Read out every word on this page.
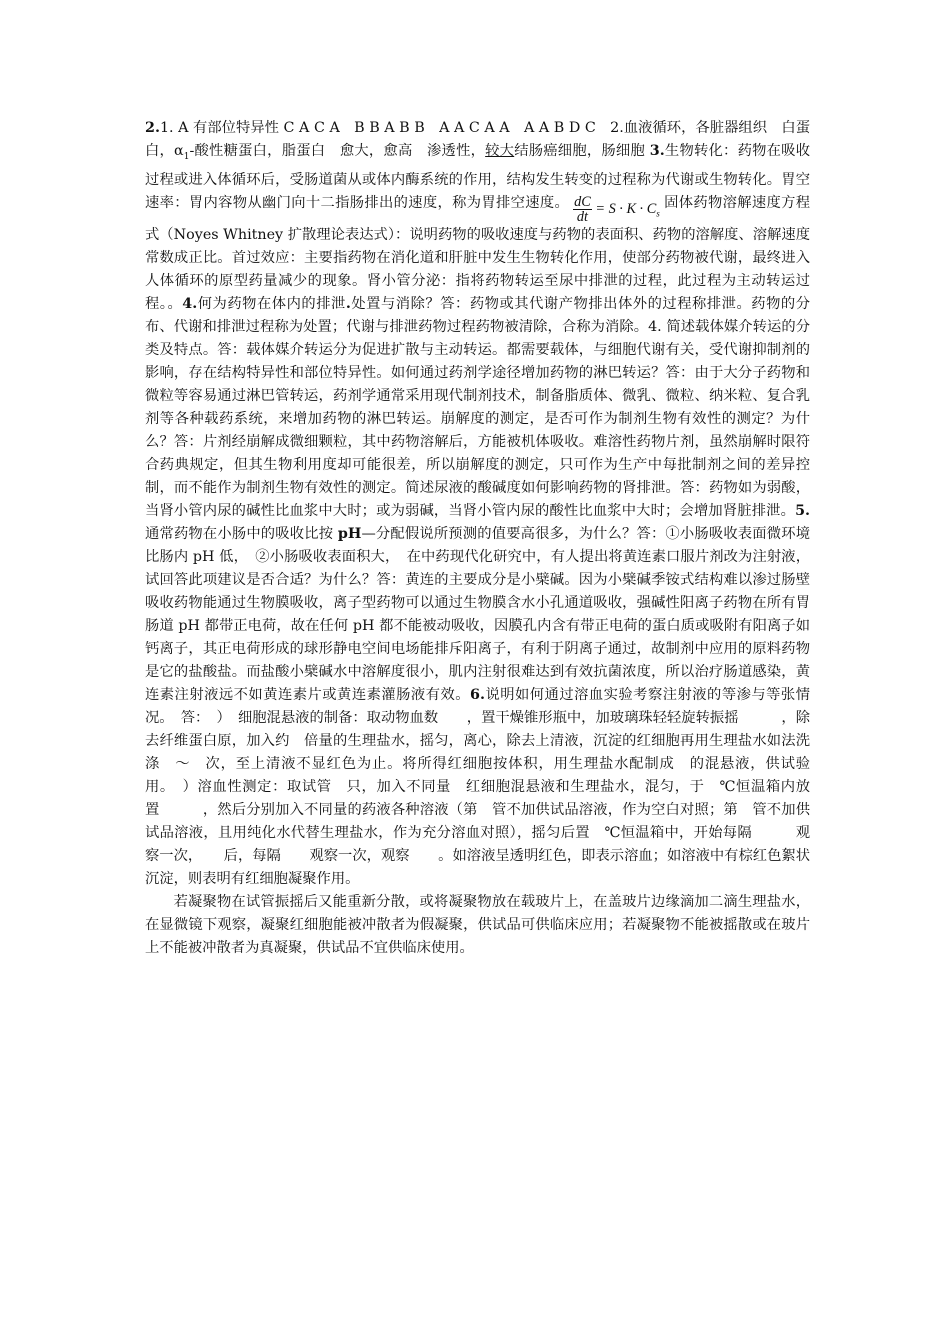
2.1. A 有部位特异性 C A C A　B B A B B　A A C A A　A A B D C　2.血液循环，各脏器组织　白蛋白，$\alpha_1-$酸性糖蛋白，脂蛋白　愈大，愈高　渗透性，较大结肠癌细胞，肠细胞 3.生物转化：药物在吸收过程或进入体循环后，受肠道菌从或体内酶系统的作用，结构发生转变的过程称为代谢或生物转化。胃空速率：胃内容物从幽门向十二指肠排出的速度，称为胃排空速度。 $\frac{dC}{dt} = S \cdot K \cdot C_s$固体药物溶解速度方程式（Noyes Whitney 扩散理论表达式）：说明药物的吸收速度与药物的表面积、药物的溶解度、溶解速度常数成正比。首过效应：主要指药物在消化道和肝脏中发生生物转化作用，使部分药物被代谢，最终进入人体循环的原型药量减少的现象。肾小管分泌：指将药物转运至尿中排泄的过程，此过程为主动转运过程。。4.何为药物在体内的排泄.处置与消除？答：药物或其代谢产物排出体外的过程称排泄。药物的分布、代谢和排泄过程称为处置；代谢与排泄药物过程药物被清除，合称为消除。4. 简述载体媒介转运的分类及特点。答：载体媒介转运分为促进扩散与主动转运。都需要载体，与细胞代谢有关，受代谢抑制剂的影响，存在结构特异性和部位特异性。如何通过药剂学途径增加药物的淋巴转运？答：由于大分子药物和微粒等容易通过淋巴管转运，药剂学通常采用现代制剂技术，制备脂质体、微乳、微粒、纳米粒、复合乳剂等各种载药系统，来增加药物的淋巴转运。崩解度的测定，是否可作为制剂生物有效性的测定？为什么？答：片剂经崩解成微细颗粒，其中药物溶解后，方能被机体吸收。难溶性药物片剂，虽然崩解时限符合药典规定，但其生物利用度却可能很差，所以崩解度的测定，只可作为生产中每批制剂之间的差异控制，而不能作为制剂生物有效性的测定。简述尿液的酸碱度如何影响药物的肾排泄。答：药物如为弱酸，当肾小管内尿的碱性比血浆中大时；或为弱碱，当肾小管内尿的酸性比血浆中大时；会增加肾脏排泄。5.通常药物在小肠中的吸收比按 pH—分配假说所预测的值要高很多，为什么？答：①小肠吸收表面微环境比肠内 pH 低，　②小肠吸收表面积大，　在中药现代化研究中，有人提出将黄连素口服片剂改为注射液，试回答此项建议是否合适？为什么？答：黄连的主要成分是小檗碱。因为小檗碱季铵式结构难以渗过肠壁吸收药物能通过生物膜吸收，离子型药物可以通过生物膜含水小孔通道吸收，强碱性阳离子药物在所有胃肠道 pH 都带正电荷，故在任何 pH 都不能被动吸收，因膜孔内含有带正电荷的蛋白质或吸附有阳离子如钙离子，其正电荷形成的球形静电空间电场能排斥阳离子，有利于阴离子通过，故制剂中应用的原料药物是它的盐酸盐。而盐酸小檗碱水中溶解度很小，肌内注射很难达到有效抗菌浓度，所以治疗肠道感染，黄连素注射液远不如黄连素片或黄连素灌肠液有效。6.说明如何通过溶血实验考察注射液的等渗与等张情况。　答：　）　细胞混悬液的制备：取动物血数　　，置干燥锥形瓶中，加玻璃珠轻轻旋转振摇　　　，除去纤维蛋白原，加入约　倍量的生理盐水，摇匀，离心，除去上清液，沉淀的红细胞再用生理盐水如法洗涤　～　次，至上清液不显红色为止。将所得红细胞按体积，用生理盐水配制成　的混悬液，供试验用。　）溶血性测定：取试管　只，加入不同量　红细胞混悬液和生理盐水，混匀，于　℃恒温箱内放置　　　，然后分别加入不同量的药液各种溶液（第　管不加供试品溶液，作为空白对照；第　管不加供试品溶液，且用纯化水代替生理盐水，作为充分溶血对照），摇匀后置　℃恒温箱中，开始每隔　　　观察一次，　　后，每隔　　观察一次，观察　　。如溶液呈透明红色，即表示溶血；如溶液中有棕红色絮状沉淀，则表明有红细胞凝聚作用。

若凝聚物在试管振摇后又能重新分散，或将凝聚物放在载玻片上，在盖玻片边缘滴加二滴生理盐水，在显微镜下观察，凝聚红细胞能被冲散者为假凝聚，供试品可供临床应用；若凝聚物不能被摇散或在玻片上不能被冲散者为真凝聚，供试品不宜供临床使用。
